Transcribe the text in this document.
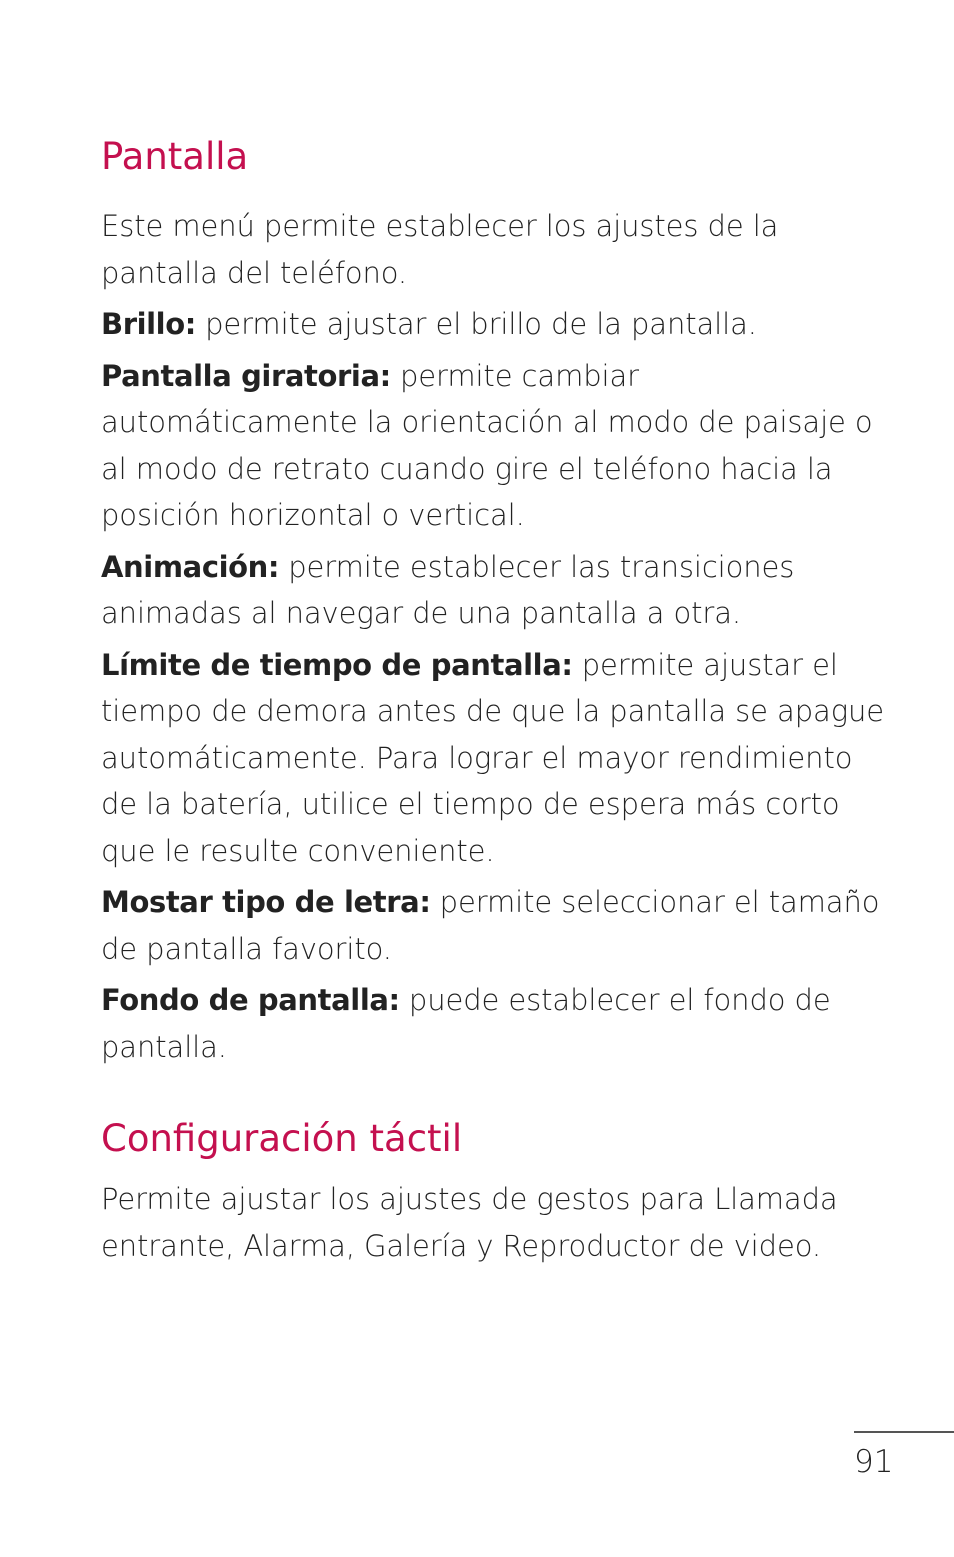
Pantalla

Este menú permite establecer los ajustes de la pantalla del teléfono.

Brillo: permite ajustar el brillo de la pantalla.

Pantalla giratoria: permite cambiar automáticamente la orientación al modo de paisaje o al modo de retrato cuando gire el teléfono hacia la posición horizontal o vertical.

Animación: permite establecer las transiciones animadas al navegar de una pantalla a otra.

Límite de tiempo de pantalla: permite ajustar el tiempo de demora antes de que la pantalla se apague automáticamente. Para lograr el mayor rendimiento de la batería, utilice el tiempo de espera más corto que le resulte conveniente.

Mostar tipo de letra: permite seleccionar el tamaño de pantalla favorito.

Fondo de pantalla: puede establecer el fondo de pantalla.

Configuración táctil

Permite ajustar los ajustes de gestos para Llamada entrante, Alarma, Galería y Reproductor de video.

91
